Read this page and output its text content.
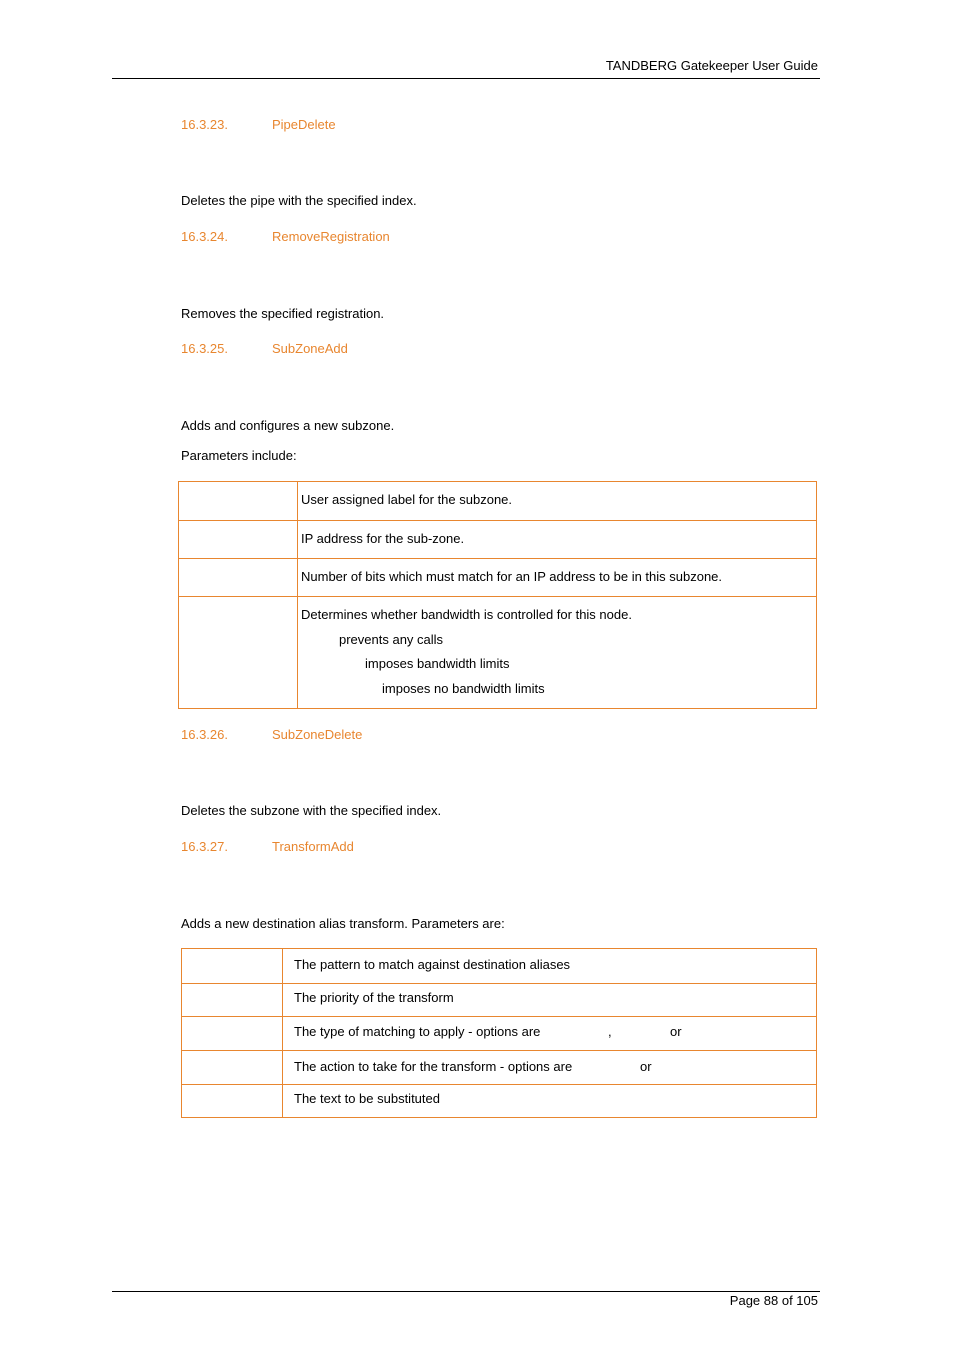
TANDBERG Gatekeeper User Guide
16.3.23.	PipeDelete
Deletes the pipe with the specified index.
16.3.24.	RemoveRegistration
Removes the specified registration.
16.3.25.	SubZoneAdd
Adds and configures a new subzone.
Parameters include:
User assigned label for the subzone.
IP address for the sub-zone.
Number of bits which must match for an IP address to be in this subzone.
Determines whether bandwidth is controlled for this node.
prevents any calls
imposes bandwidth limits
imposes no bandwidth limits
16.3.26.	SubZoneDelete
Deletes the subzone with the specified index.
16.3.27.	TransformAdd
Adds a new destination alias transform. Parameters are:
The pattern to match against destination aliases
The priority of the transform
The type of matching to apply - options are	,	or
The action to take for the transform - options are	or
The text to be substituted
Page 88 of 105
